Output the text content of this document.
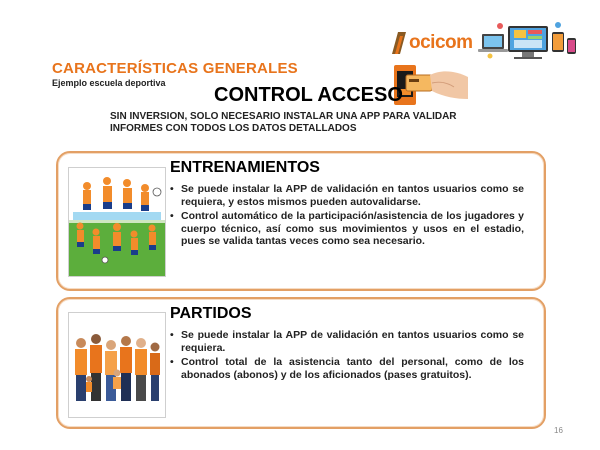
CARACTERÍSTICAS GENERALES
Ejemplo escuela deportiva
ocicom
CONTROL ACCESO
SIN INVERSION, SOLO NECESARIO INSTALAR UNA APP PARA VALIDAR INFORMES CON TODOS LOS DATOS DETALLADOS
ENTRENAMIENTOS
• Se puede instalar la APP de validación en tantos usuarios como se requiera, y estos mismos pueden autovalidarse.
• Control automático de la participación/asistencia de los jugadores y cuerpo técnico, así como sus movimientos y usos en el estadio, pues se valida tantas veces como sea necesario.
PARTIDOS
• Se puede instalar la APP de validación en tantos usuarios como se requiera.
• Control total de la asistencia tanto del personal, como de los abonados (abonos) y de los aficionados (pases gratuitos).
16
